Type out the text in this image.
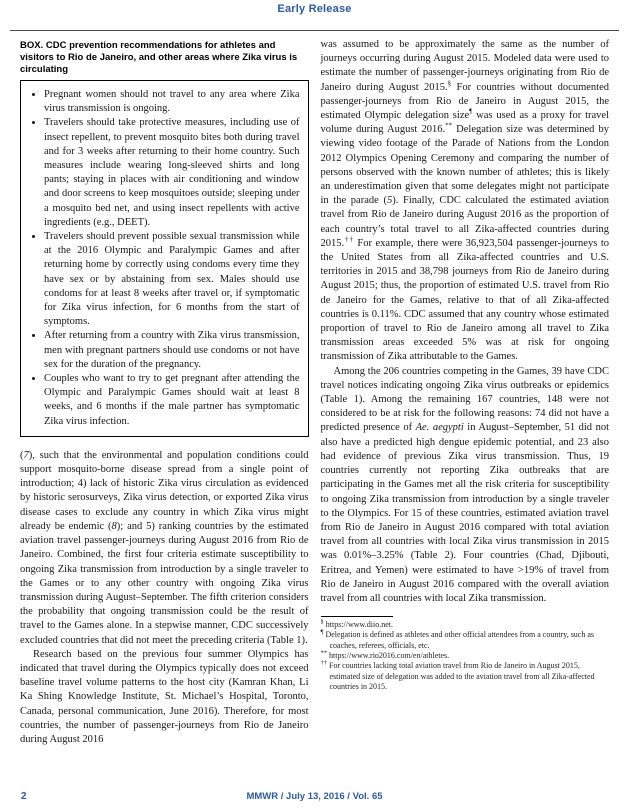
Early Release
BOX. CDC prevention recommendations for athletes and visitors to Rio de Janeiro, and other areas where Zika virus is circulating
• Pregnant women should not travel to any area where Zika virus transmission is ongoing.
• Travelers should take protective measures, including use of insect repellent, to prevent mosquito bites both during travel and for 3 weeks after returning to their home country. Such measures include wearing long-sleeved shirts and long pants; staying in places with air conditioning and window and door screens to keep mosquitoes outside; sleeping under a mosquito bed net, and using insect repellents with active ingredients (e.g., DEET).
• Travelers should prevent possible sexual transmission while at the 2016 Olympic and Paralympic Games and after returning home by correctly using condoms every time they have sex or by abstaining from sex. Males should use condoms for at least 8 weeks after travel or, if symptomatic for Zika virus infection, for 6 months from the start of symptoms.
• After returning from a country with Zika virus transmission, men with pregnant partners should use condoms or not have sex for the duration of the pregnancy.
• Couples who want to try to get pregnant after attending the Olympic and Paralympic Games should wait at least 8 weeks, and 6 months if the male partner has symptomatic Zika virus infection.

(7), such that the environmental and population conditions could support mosquito-borne disease spread from a single point of introduction; 4) lack of historic Zika virus circulation as evidenced by historic serosurveys, Zika virus detection, or exported Zika virus disease cases to exclude any country in which Zika virus might already be endemic (8); and 5) ranking countries by the estimated aviation travel passenger-journeys during August 2016 from Rio de Janeiro. Combined, the first four criteria estimate susceptibility to ongoing Zika transmission from introduction by a single traveler to the Games or to any other country with ongoing Zika virus transmission during August–September. The fifth criterion considers the probability that ongoing transmission could be the result of travel to the Games alone. In a stepwise manner, CDC successively excluded countries that did not meet the preceding criteria (Table 1).

Research based on the previous four summer Olympics has indicated that travel during the Olympics typically does not exceed baseline travel volume patterns to the host city (Kamran Khan, Li Ka Shing Knowledge Institute, St. Michael’s Hospital, Toronto, Canada, personal communication, June 2016). Therefore, for most countries, the number of passenger-journeys from Rio de Janeiro during August 2016

was assumed to be approximately the same as the number of journeys occurring during August 2015. Modeled data were used to estimate the number of passenger-journeys originating from Rio de Janeiro during August 2015.§ For countries without documented passenger-journeys from Rio de Janeiro in August 2015, the estimated Olympic delegation size¶ was used as a proxy for travel volume during August 2016.** Delegation size was determined by viewing video footage of the Parade of Nations from the London 2012 Olympics Opening Ceremony and comparing the number of persons observed with the known number of athletes; this is likely an underestimation given that some delegates might not participate in the parade (5). Finally, CDC calculated the estimated aviation travel from Rio de Janeiro during August 2016 as the proportion of each country’s total travel to all Zika-affected countries during 2015.†† For example, there were 36,923,504 passenger-journeys to the United States from all Zika-affected countries and U.S. territories in 2015 and 38,798 journeys from Rio de Janeiro during August 2015; thus, the proportion of estimated U.S. travel from Rio de Janeiro for the Games, relative to that of all Zika-affected countries is 0.11%. CDC assumed that any country whose estimated proportion of travel to Rio de Janeiro among all travel to Zika transmission areas exceeded 5% was at risk for ongoing transmission of Zika attributable to the Games.

Among the 206 countries competing in the Games, 39 have CDC travel notices indicating ongoing Zika virus outbreaks or epidemics (Table 1). Among the remaining 167 countries, 148 were not considered to be at risk for the following reasons: 74 did not have a predicted presence of Ae. aegypti in August–September, 51 did not also have a predicted high dengue epidemic potential, and 23 also had evidence of previous Zika virus transmission. Thus, 19 countries currently not reporting Zika outbreaks that are participating in the Games met all the risk criteria for susceptibility to ongoing Zika transmission from introduction by a single traveler to the Olympics. For 15 of these countries, estimated aviation travel from Rio de Janeiro in August 2016 compared with total aviation travel from all countries with local Zika virus transmission in 2015 was 0.01%–3.25% (Table 2). Four countries (Chad, Djibouti, Eritrea, and Yemen) were estimated to have >19% of travel from Rio de Janeiro in August 2016 compared with the overall aviation travel from all countries with local Zika transmission.

§ https://www.diio.net.
¶ Delegation is defined as athletes and other official attendees from a country, such as coaches, referees, officials, etc.
** https://www.rio2016.com/en/athletes.
†† For countries lacking total aviation travel from Rio de Janeiro in August 2015, estimated size of delegation was added to the aviation travel from all Zika-affected countries in 2015.
2	MMWR / July 13, 2016 / Vol. 65
